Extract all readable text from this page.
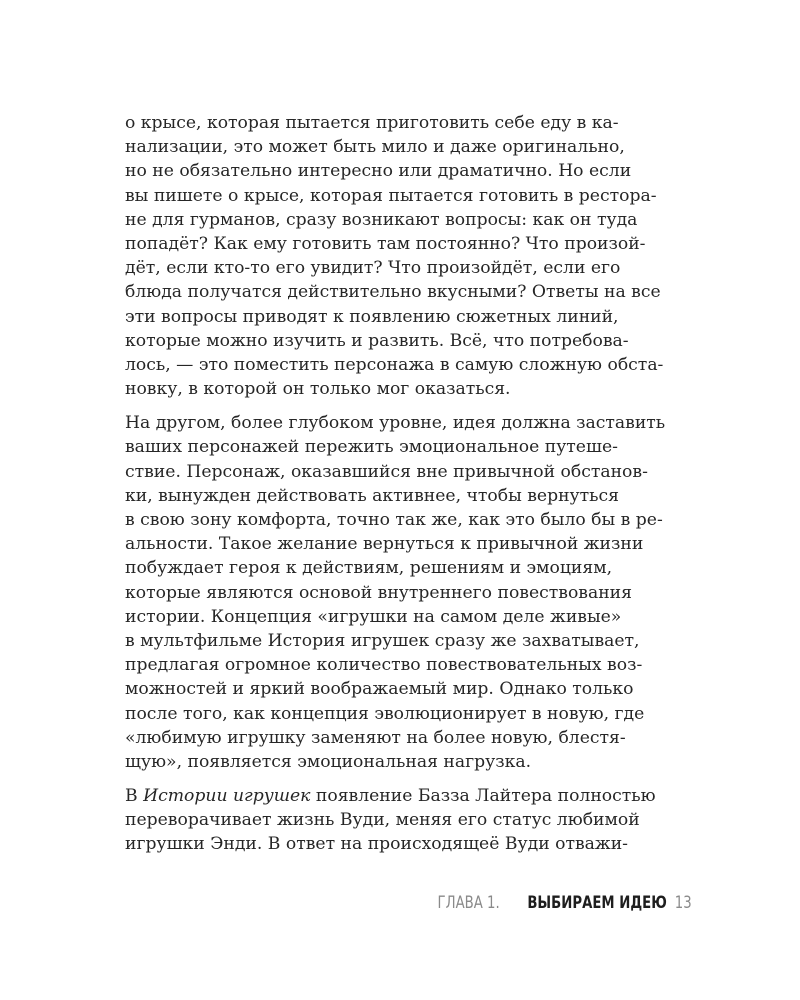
о крысе, которая пытается приготовить себе еду в ка-
нализации, это может быть мило и даже оригинально,
но не обязательно интересно или драматично. Но если
вы пишете о крысе, которая пытается готовить в рестора-
не для гурманов, сразу возникают вопросы: как он туда
попадёт? Как ему готовить там постоянно? Что произой-
дёт, если кто-то его увидит? Что произойдёт, если его
блюда получатся действительно вкусными? Ответы на все
эти вопросы приводят к появлению сюжетных линий,
которые можно изучить и развить. Всё, что потребова-
лось, — это поместить персонажа в самую сложную обста-
новку, в которой он только мог оказаться.

На другом, более глубоком уровне, идея должна заставить
ваших персонажей пережить эмоциональное путеше-
ствие. Персонаж, оказавшийся вне привычной обстанов-
ки, вынужден действовать активнее, чтобы вернуться
в свою зону комфорта, точно так же, как это было бы в ре-
альности. Такое желание вернуться к привычной жизни
побуждает героя к действиям, решениям и эмоциям,
которые являются основой внутреннего повествования
истории. Концепция «игрушки на самом деле живые»
в мультфильме История игрушек сразу же захватывает,
предлагая огромное количество повествовательных воз-
можностей и яркий воображаемый мир. Однако только
после того, как концепция эволюционирует в новую, где
«любимую игрушку заменяют на более новую, блестя-
щую», появляется эмоциональная нагрузка.

В Истории игрушек появление Базза Лайтера полностью
переворачивает жизнь Вуди, меняя его статус любимой
игрушки Энди. В ответ на происходящеё Вуди отважи-

ГЛАВА 1. ВЫБИРАЕМ ИДЕЮ 13
